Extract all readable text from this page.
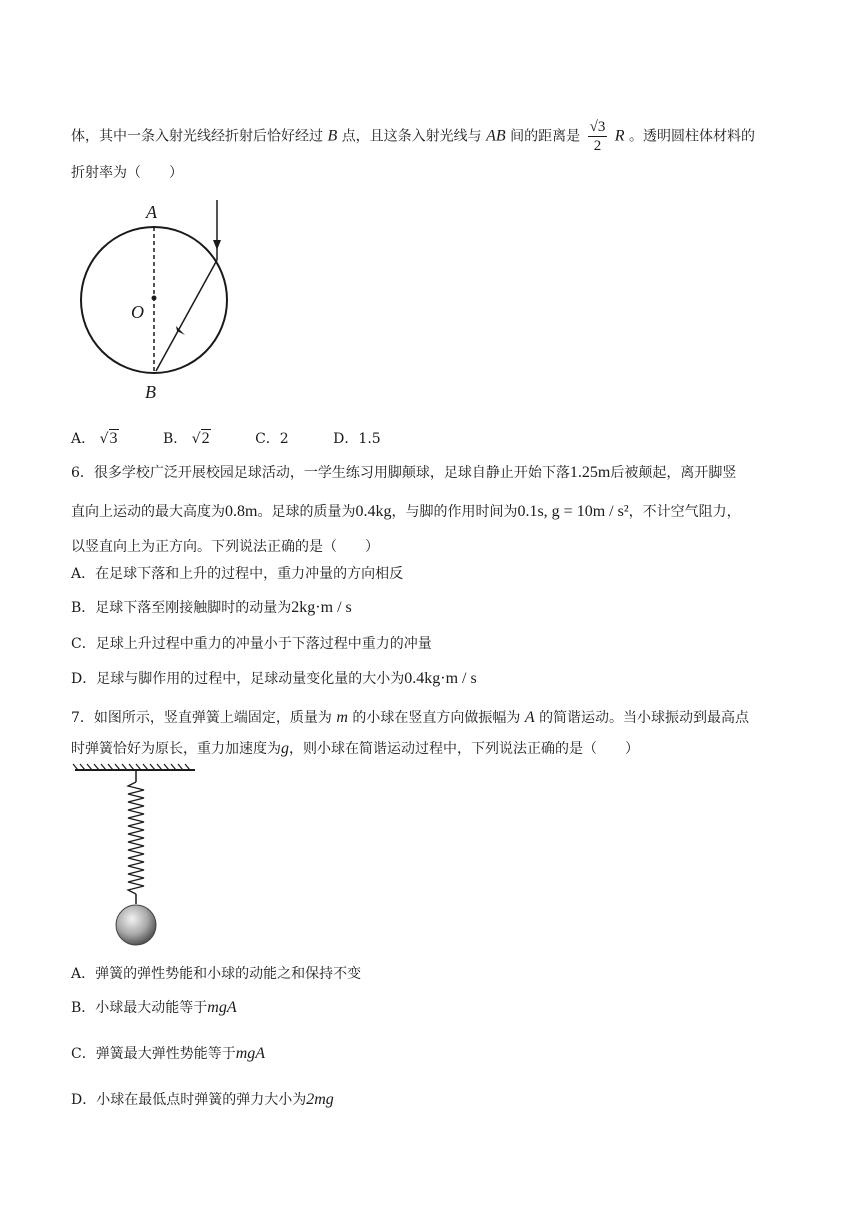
体，其中一条入射光线经折射后恰好经过 B 点，且这条入射光线与 AB 间的距离是 $\frac{√3}{2}$ R 。透明圆柱体材料的
折射率为（　　）
A
O
B
A． √3	B． √2	C．2	D．1.5
6．很多学校广泛开展校园足球活动，一学生练习用脚颠球，足球自静止开始下落1.25m后被颠起，离开脚竖
直向上运动的最大高度为0.8m。足球的质量为0.4kg，与脚的作用时间为0.1s, g = 10m / s²，不计空气阻力，
以竖直向上为正方向。下列说法正确的是（　　）
A．在足球下落和上升的过程中，重力冲量的方向相反
B．足球下落至刚接触脚时的动量为2kg·m / s
C．足球上升过程中重力的冲量小于下落过程中重力的冲量
D．足球与脚作用的过程中，足球动量变化量的大小为0.4kg·m / s
7．如图所示，竖直弹簧上端固定，质量为 m 的小球在竖直方向做振幅为 A 的简谐运动。当小球振动到最高点
时弹簧恰好为原长，重力加速度为g，则小球在简谐运动过程中，下列说法正确的是（　　）
A．弹簧的弹性势能和小球的动能之和保持不变
B．小球最大动能等于mgA
C．弹簧最大弹性势能等于mgA
D．小球在最低点时弹簧的弹力大小为2mg
